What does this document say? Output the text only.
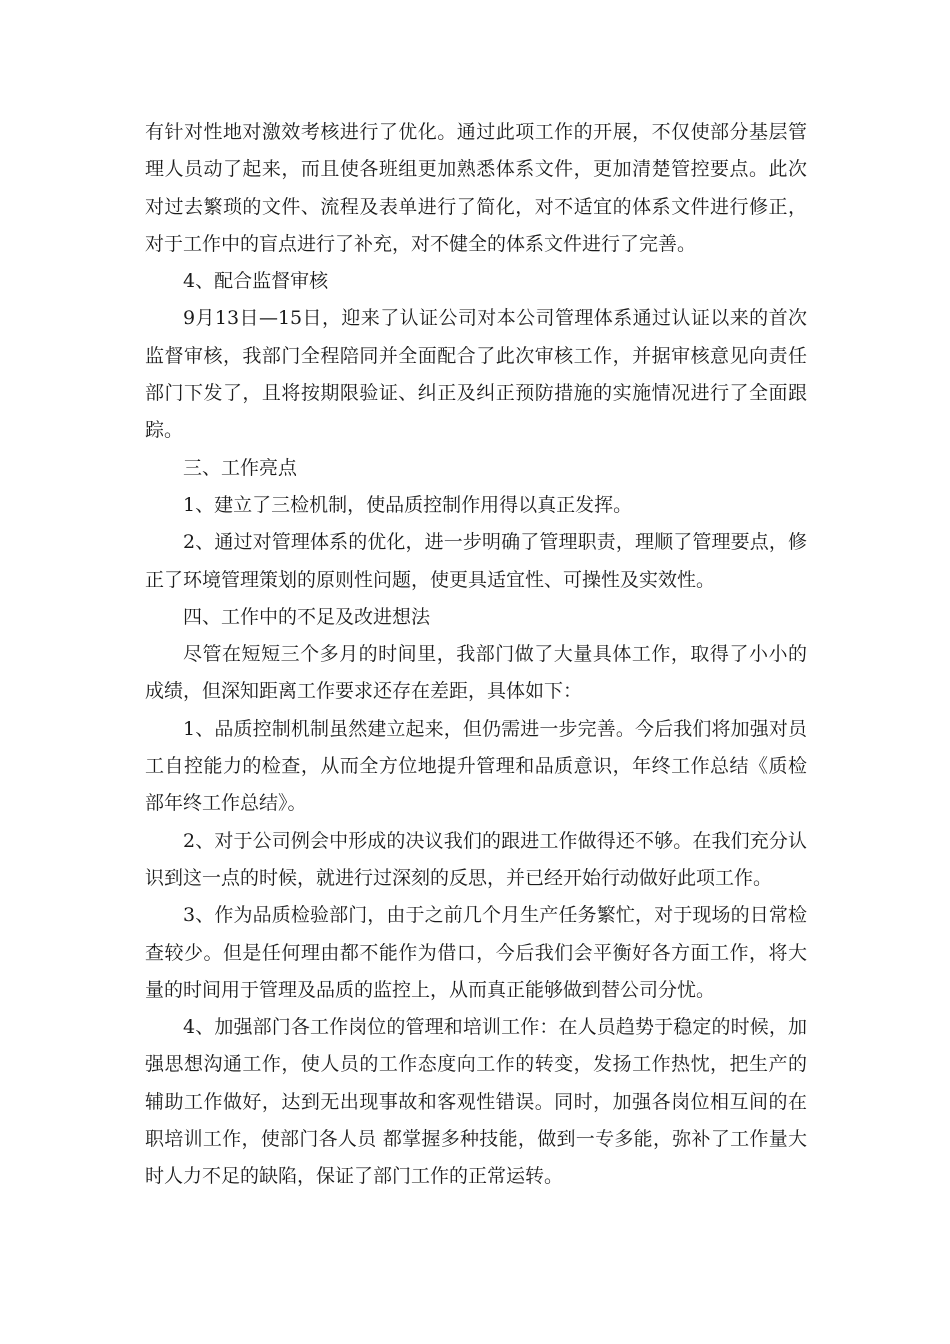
有针对性地对激效考核进行了优化。通过此项工作的开展，不仅使部分基层管理人员动了起来，而且使各班组更加熟悉体系文件，更加清楚管控要点。此次对过去繁琐的文件、流程及表单进行了简化，对不适宜的体系文件进行修正，对于工作中的盲点进行了补充，对不健全的体系文件进行了完善。

4、配合监督审核

9月13日—15日，迎来了认证公司对本公司管理体系通过认证以来的首次监督审核，我部门全程陪同并全面配合了此次审核工作，并据审核意见向责任部门下发了，且将按期限验证、纠正及纠正预防措施的实施情况进行了全面跟踪。

三、工作亮点

1、建立了三检机制，使品质控制作用得以真正发挥。

2、通过对管理体系的优化，进一步明确了管理职责，理顺了管理要点，修正了环境管理策划的原则性问题，使更具适宜性、可操性及实效性。

四、工作中的不足及改进想法

尽管在短短三个多月的时间里，我部门做了大量具体工作，取得了小小的成绩，但深知距离工作要求还存在差距，具体如下：

1、品质控制机制虽然建立起来，但仍需进一步完善。今后我们将加强对员工自控能力的检查，从而全方位地提升管理和品质意识，年终工作总结《质检部年终工作总结》。

2、对于公司例会中形成的决议我们的跟进工作做得还不够。在我们充分认识到这一点的时候，就进行过深刻的反思，并已经开始行动做好此项工作。

3、作为品质检验部门，由于之前几个月生产任务繁忙，对于现场的日常检查较少。但是任何理由都不能作为借口，今后我们会平衡好各方面工作，将大量的时间用于管理及品质的监控上，从而真正能够做到替公司分忧。

4、加强部门各工作岗位的管理和培训工作：在人员趋势于稳定的时候，加强思想沟通工作，使人员的工作态度向工作的转变，发扬工作热忱，把生产的辅助工作做好，达到无出现事故和客观性错误。同时，加强各岗位相互间的在职培训工作，使部门各人员 都掌握多种技能，做到一专多能，弥补了工作量大时人力不足的缺陷，保证了部门工作的正常运转。
